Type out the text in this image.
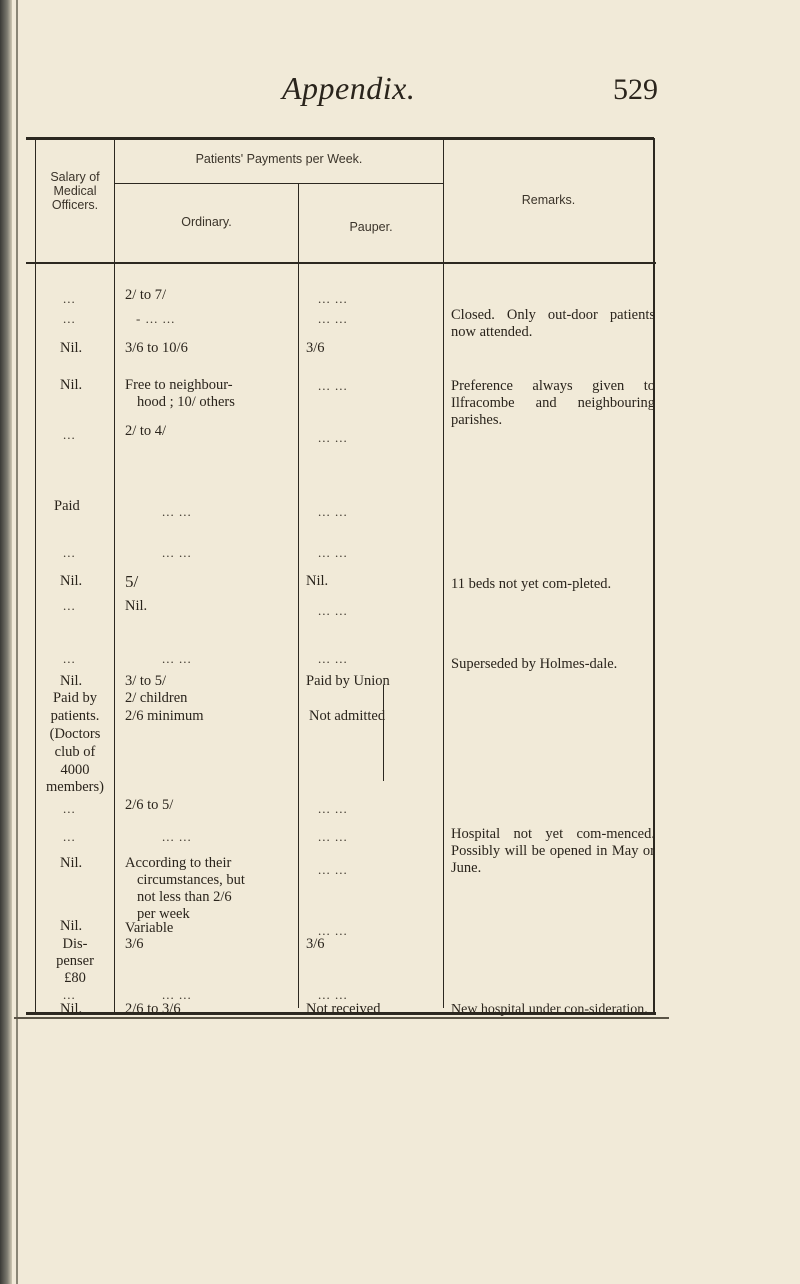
Appendix.	529
Salary of Medical Officers.
Patients' Payments per Week.
Ordinary.	Pauper.
Remarks.
...
...
Nil.
Nil.
...
Paid
...
Nil.
...
...
Nil.
Paid by
patients.
(Doctors
club of
4000
members)
...
...
Nil.
Nil.
Dis-
penser
£80
...
Nil.
2/ to 7/
- ... ...
3/6 to 10/6
Free to neighbour-
hood ; 10/ others
2/ to 4/
... ...
... ...
5/
Nil.
... ...
3/ to 5/
2/ children
2/6 minimum
2/6 to 5/
... ...
According to their
circumstances, but
not less than 2/6
per week
Variable
3/6
... ...
2/6 to 3/6
... ...
... ...
3/6
... ...
... ...
... ...
... ...
Nil.
... ...
... ...
Paid by Union
Not admitted
... ...
... ...
... ...
... ...
3/6
... ...
Not received
Closed. Only out-door patients now attended.
Preference always given to Ilfracombe and neighbouring parishes.
11 beds not yet com-pleted.
Superseded by Holmes-dale.
Hospital not yet com-menced. Possibly will be opened in May or June.
New hospital under con-sideration.
